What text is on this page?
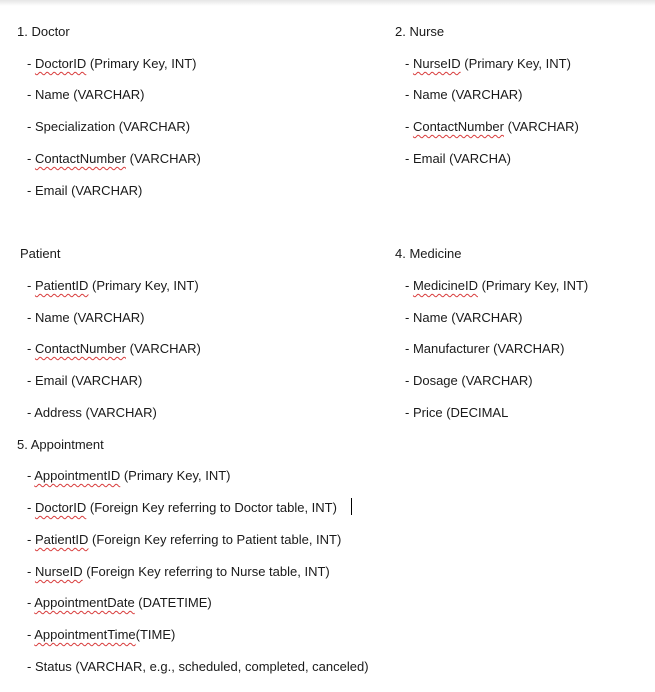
1. Doctor
- DoctorID (Primary Key, INT)
- Name (VARCHAR)
- Specialization (VARCHAR)
- ContactNumber (VARCHAR)
- Email (VARCHAR)
2. Nurse
- NurseID (Primary Key, INT)
- Name (VARCHAR)
- ContactNumber (VARCHAR)
- Email (VARCHA)
Patient
- PatientID (Primary Key, INT)
- Name (VARCHAR)
- ContactNumber (VARCHAR)
- Email (VARCHAR)
- Address (VARCHAR)
4. Medicine
- MedicineID (Primary Key, INT)
- Name (VARCHAR)
- Manufacturer (VARCHAR)
- Dosage (VARCHAR)
- Price (DECIMAL
5. Appointment
- AppointmentID (Primary Key, INT)
- DoctorID (Foreign Key referring to Doctor table, INT)
- PatientID (Foreign Key referring to Patient table, INT)
- NurseID (Foreign Key referring to Nurse table, INT)
- AppointmentDate (DATETIME)
- AppointmentTime(TIME)
- Status (VARCHAR, e.g., scheduled, completed, canceled)
